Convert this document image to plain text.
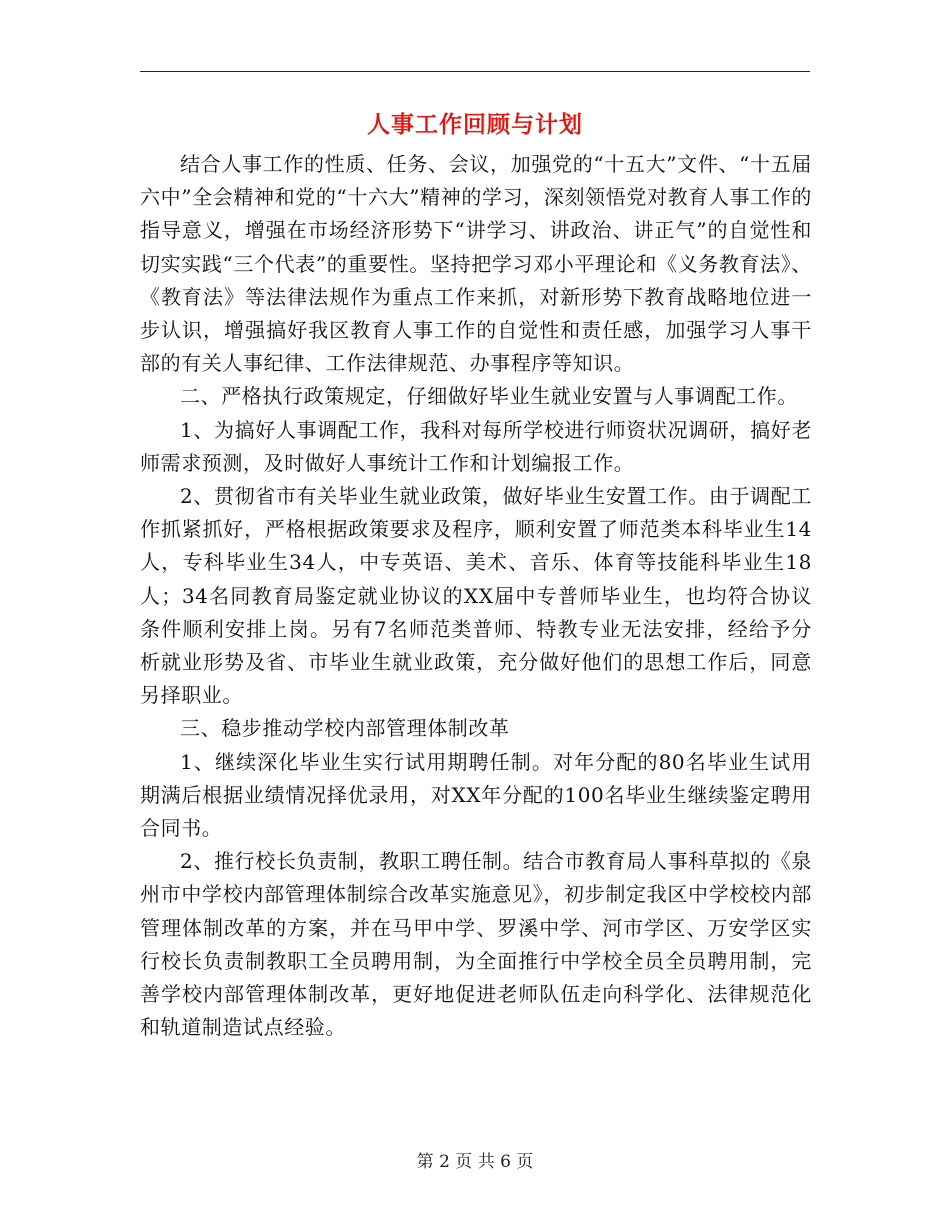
人事工作回顾与计划

结合人事工作的性质、任务、会议，加强党的“十五大”文件、“十五届六中”全会精神和党的“十六大”精神的学习，深刻领悟党对教育人事工作的指导意义，增强在市场经济形势下“讲学习、讲政治、讲正气”的自觉性和切实实践“三个代表”的重要性。坚持把学习邓小平理论和《义务教育法》、《教育法》等法律法规作为重点工作来抓，对新形势下教育战略地位进一步认识，增强搞好我区教育人事工作的自觉性和责任感，加强学习人事干部的有关人事纪律、工作法律规范、办事程序等知识。

二、严格执行政策规定，仔细做好毕业生就业安置与人事调配工作。

1、为搞好人事调配工作，我科对每所学校进行师资状况调研，搞好老师需求预测，及时做好人事统计工作和计划编报工作。

2、贯彻省市有关毕业生就业政策，做好毕业生安置工作。由于调配工作抓紧抓好，严格根据政策要求及程序，顺利安置了师范类本科毕业生14人，专科毕业生34人，中专英语、美术、音乐、体育等技能科毕业生18人；34名同教育局鉴定就业协议的XX届中专普师毕业生，也均符合协议条件顺利安排上岗。另有7名师范类普师、特教专业无法安排，经给予分析就业形势及省、市毕业生就业政策，充分做好他们的思想工作后，同意另择职业。

三、稳步推动学校内部管理体制改革

1、继续深化毕业生实行试用期聘任制。对年分配的80名毕业生试用期满后根据业绩情况择优录用，对XX年分配的100名毕业生继续鉴定聘用合同书。

2、推行校长负责制，教职工聘任制。结合市教育局人事科草拟的《泉州市中学校内部管理体制综合改革实施意见》，初步制定我区中学校校内部管理体制改革的方案，并在马甲中学、罗溪中学、河市学区、万安学区实行校长负责制教职工全员聘用制，为全面推行中学校全员全员聘用制，完善学校内部管理体制改革，更好地促进老师队伍走向科学化、法律规范化和轨道制造试点经验。

第 2 页 共 6 页
